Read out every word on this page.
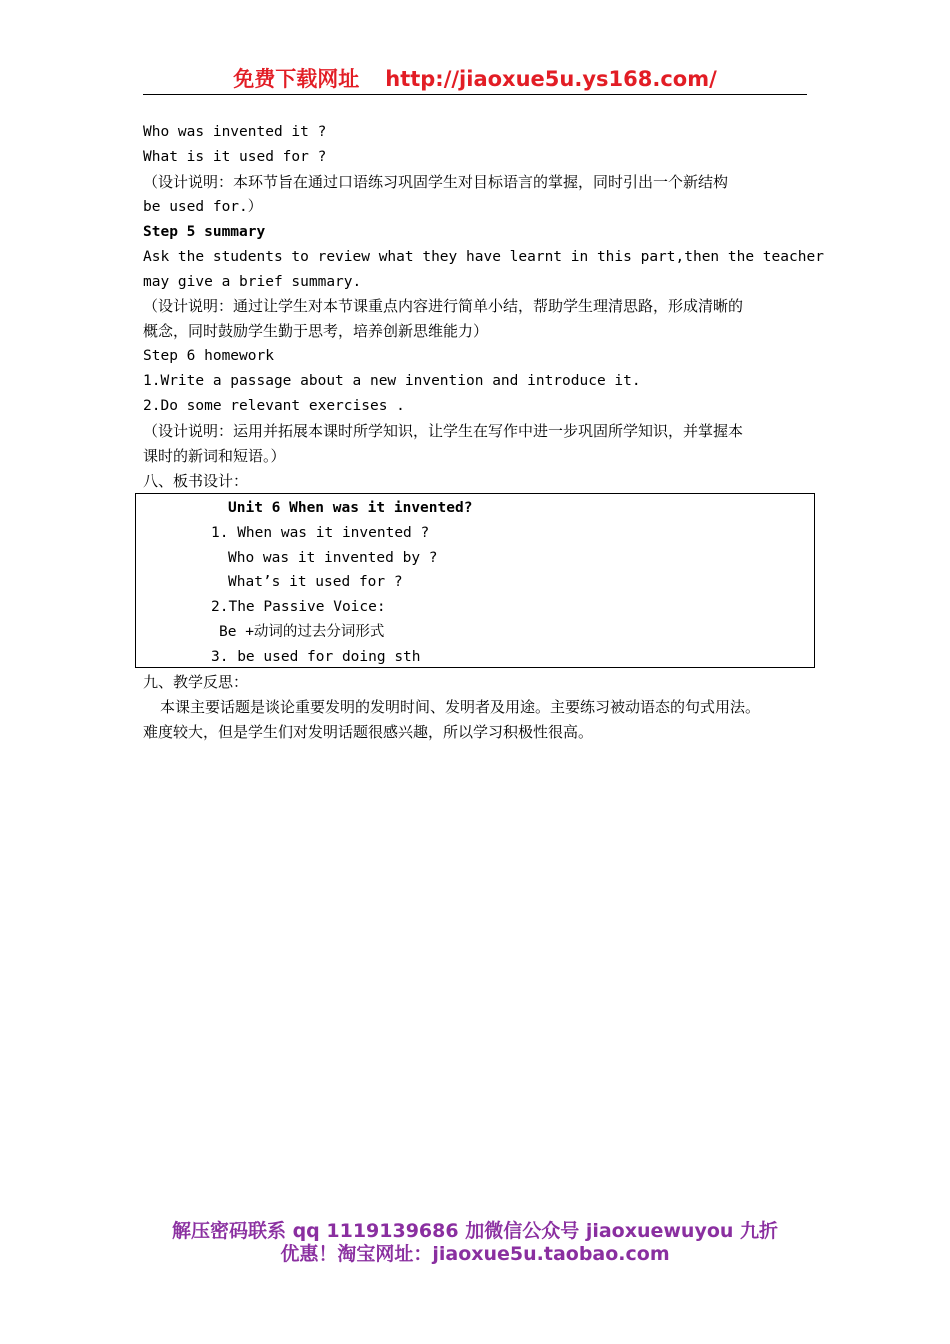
免费下载网址 http://jiaoxue5u.ys168.com/
Who was invented it ?
What is it used for ?
（设计说明：本环节旨在通过口语练习巩固学生对目标语言的掌握，同时引出一个新结构
be used for.）
Step 5 summary
Ask the students to review what they have learnt in this part,then the teacher
may give a brief summary.
（设计说明：通过让学生对本节课重点内容进行简单小结，帮助学生理清思路，形成清晰的
概念，同时鼓励学生勤于思考，培养创新思维能力）
Step 6 homework
1.Write a passage about a new invention and introduce it.
2.Do some relevant exercises .
（设计说明：运用并拓展本课时所学知识，让学生在写作中进一步巩固所学知识，并掌握本
课时的新词和短语。）
八、板书设计：
Unit 6 When was it invented?
1. When was it invented ?
Who was it invented by ?
What’s it used for ?
2.The Passive Voice:
Be +动词的过去分词形式
3. be used for doing sth
九、教学反思：
本课主要话题是谈论重要发明的发明时间、发明者及用途。主要练习被动语态的句式用法。
难度较大，但是学生们对发明话题很感兴趣，所以学习积极性很高。
解压密码联系 qq 1119139686 加微信公众号 jiaoxuewuyou 九折
优惠！淘宝网址：jiaoxue5u.taobao.com
